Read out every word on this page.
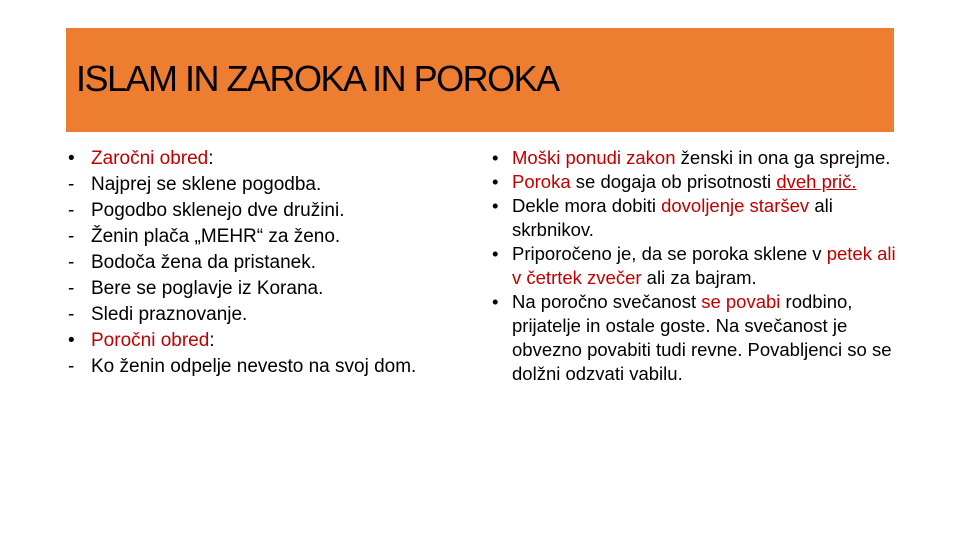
ISLAM IN ZAROKA IN POROKA
• Zaročni obred:
- Najprej se sklene pogodba.
- Pogodbo sklenejo dve družini.
- Ženin plača „MEHR“ za ženo.
- Bodoča žena da pristanek.
- Bere se poglavje iz Korana.
- Sledi praznovanje.
• Poročni obred:
- Ko ženin odpelje nevesto na svoj dom.
• Moški ponudi zakon ženski in ona ga sprejme.
• Poroka se dogaja ob prisotnosti dveh prič.
• Dekle mora dobiti dovoljenje staršev ali skrbnikov.
• Priporočeno je, da se poroka sklene v petek ali v četrtek zvečer ali za bajram.
• Na poročno svečanost se povabi rodbino, prijatelje in ostale goste. Na svečanost je obvezno povabiti tudi revne. Povabljenci so se dolžni odzvati vabilu.
